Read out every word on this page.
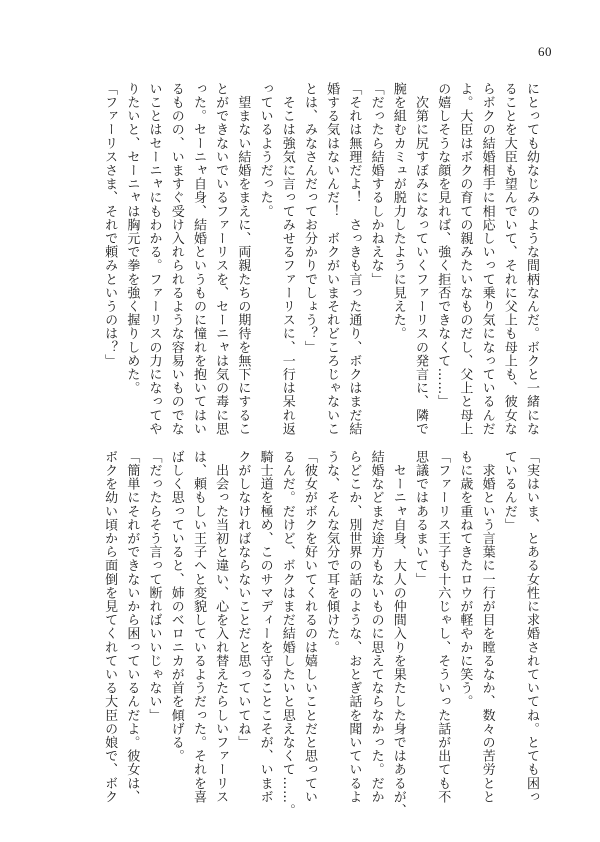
60
にとっても幼なじみのような間柄なんだ。ボクと一緒にな
ることを大臣も望んでいて、それに父上も母上も、彼女な
らボクの結婚相手に相応しいって乗り気になっているんだ
よ。大臣はボクの育ての親みたいなものだし、父上と母上
の嬉しそうな顔を見れば、強く拒否できなくて……」
　次第に尻すぼみになっていくファーリスの発言に、隣で
腕を組むカミュが脱力したように見えた。
「だったら結婚するしかねえな」
「それは無理だよ！　さっきも言った通り、ボクはまだ結
婚する気はないんだ！　ボクがいまそれどころじゃないこ
とは、みなさんだってお分かりでしょう？」
　そこは強気に言ってみせるファーリスに、一行は呆れ返
っているようだった。
　望まない結婚をまえに、両親たちの期待を無下にするこ
とができないでいるファーリスを、セーニャは気の毒に思
った。セーニャ自身、結婚というものに憧れを抱いてはい
るものの、いますぐ受け入れられるような容易いものでな
いことはセーニャにもわかる。ファーリスの力になってや
りたいと、セーニャは胸元で拳を強く握りしめた。
「ファーリスさま、それで頼みというのは？」
「実はいま、とある女性に求婚されていてね。とても困っ
ているんだ」
　求婚という言葉に一行が目を瞠るなか、数々の苦労とと
もに歳を重ねてきたロウが軽やかに笑う。
「ファーリス王子も十六じゃし、そういった話が出ても不
思議ではあるまいて」
　セーニャ自身、大人の仲間入りを果たした身ではあるが、
結婚などまだ途方もないものに思えてならなかった。だか
らどこか、別世界の話のような、おとぎ話を聞いているよ
うな、そんな気分で耳を傾けた。
「彼女がボクを好いてくれるのは嬉しいことだと思ってい
るんだ。だけど、ボクはまだ結婚したいと思えなくて……。
騎士道を極め、このサマディーを守ることこそが、いまボ
クがしなければならないことだと思っていてね」
　出会った当初と違い、心を入れ替えたらしいファーリス
は、頼もしい王子へと変貌しているようだった。それを喜
ばしく思っていると、姉のベロニカが首を傾げる。
「だったらそう言って断ればいいじゃない」
「簡単にそれができないから困っているんだよ。彼女は、
ボクを幼い頃から面倒を見てくれている大臣の娘で、ボク
